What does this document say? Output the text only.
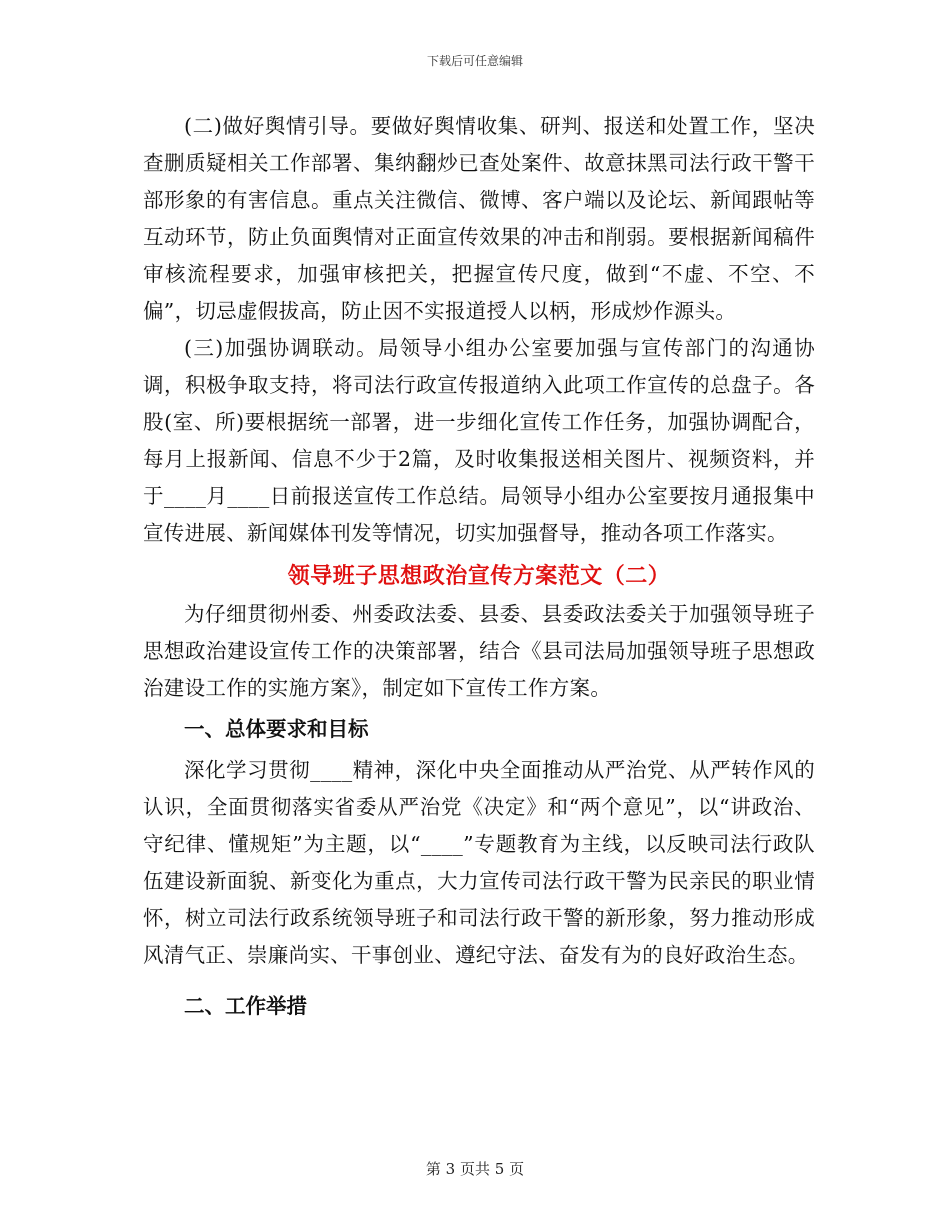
下载后可任意编辑

(二)做好舆情引导。要做好舆情收集、研判、报送和处置工作，坚决查删质疑相关工作部署、集纳翻炒已查处案件、故意抹黑司法行政干警干部形象的有害信息。重点关注微信、微博、客户端以及论坛、新闻跟帖等互动环节，防止负面舆情对正面宣传效果的冲击和削弱。要根据新闻稿件审核流程要求，加强审核把关，把握宣传尺度，做到“不虚、不空、不偏”，切忌虚假拔高，防止因不实报道授人以柄，形成炒作源头。

(三)加强协调联动。局领导小组办公室要加强与宣传部门的沟通协调，积极争取支持，将司法行政宣传报道纳入此项工作宣传的总盘子。各股(室、所)要根据统一部署，进一步细化宣传工作任务，加强协调配合，每月上报新闻、信息不少于2篇，及时收集报送相关图片、视频资料，并于____月____日前报送宣传工作总结。局领导小组办公室要按月通报集中宣传进展、新闻媒体刊发等情况，切实加强督导，推动各项工作落实。

领导班子思想政治宣传方案范文（二）

为仔细贯彻州委、州委政法委、县委、县委政法委关于加强领导班子思想政治建设宣传工作的决策部署，结合《县司法局加强领导班子思想政治建设工作的实施方案》，制定如下宣传工作方案。

一、总体要求和目标

深化学习贯彻____精神，深化中央全面推动从严治党、从严转作风的认识，全面贯彻落实省委从严治党《决定》和“两个意见”，以“讲政治、守纪律、懂规矩”为主题，以“____”专题教育为主线，以反映司法行政队伍建设新面貌、新变化为重点，大力宣传司法行政干警为民亲民的职业情怀，树立司法行政系统领导班子和司法行政干警的新形象，努力推动形成风清气正、崇廉尚实、干事创业、遵纪守法、奋发有为的良好政治生态。

二、工作举措
第 3 页共 5 页
